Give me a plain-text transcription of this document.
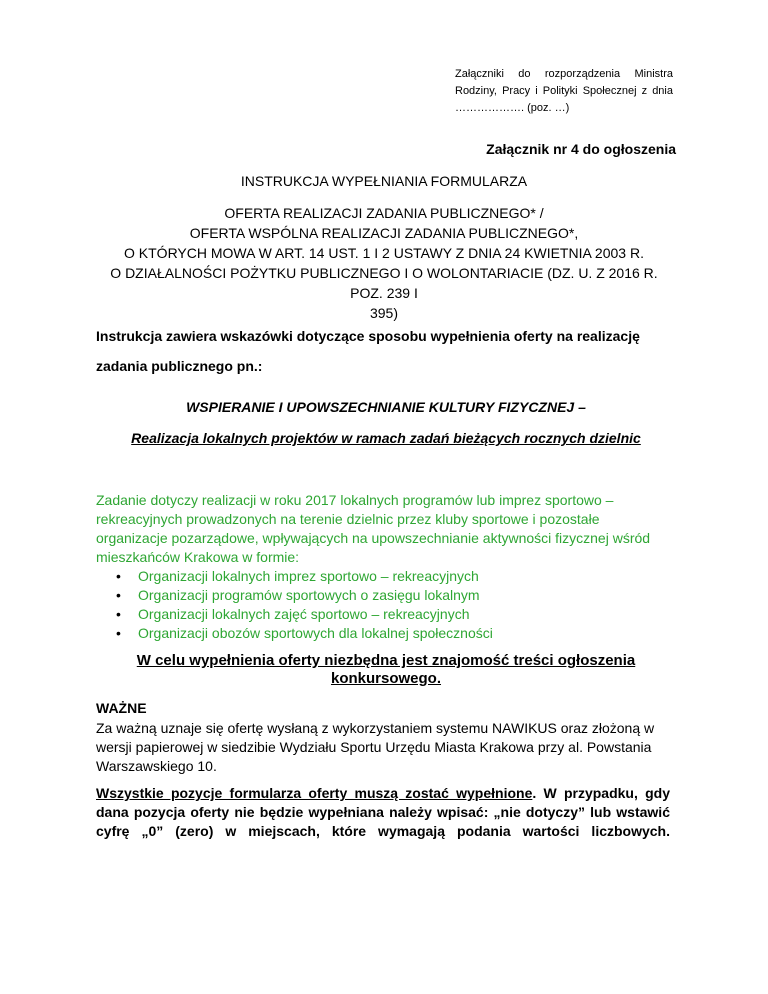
Załączniki do rozporządzenia Ministra Rodziny, Pracy i Polityki Społecznej z dnia ………………. (poz. …)
Załącznik nr 4 do ogłoszenia
INSTRUKCJA WYPEŁNIANIA FORMULARZA
OFERTA REALIZACJI ZADANIA PUBLICZNEGO* /
OFERTA WSPÓLNA REALIZACJI ZADANIA PUBLICZNEGO*,
O KTÓRYCH MOWA W ART. 14 UST. 1 I 2 USTAWY Z DNIA 24 KWIETNIA 2003 R.
O DZIAŁALNOŚCI POŻYTKU PUBLICZNEGO I O WOLONTARIACIE (DZ. U. Z 2016 R. POZ. 239 I
395)
Instrukcja zawiera wskazówki dotyczące sposobu wypełnienia oferty na realizację zadania publicznego pn.:
WSPIERANIE I UPOWSZECHNIANIE KULTURY FIZYCZNEJ –
Realizacja lokalnych projektów w ramach zadań bieżących rocznych dzielnic
Zadanie dotyczy realizacji w roku 2017 lokalnych programów lub imprez sportowo – rekreacyjnych prowadzonych na terenie dzielnic przez kluby sportowe i pozostałe organizacje pozarządowe, wpływających na upowszechnianie aktywności fizycznej wśród mieszkańców Krakowa w formie:
• Organizacji lokalnych imprez sportowo – rekreacyjnych
• Organizacji programów sportowych o zasięgu lokalnym
• Organizacji lokalnych zajęć sportowo – rekreacyjnych
• Organizacji obozów sportowych dla lokalnej społeczności
W celu wypełnienia oferty niezbędna jest znajomość treści ogłoszenia
konkursowego.
WAŻNE
Za ważną uznaje się ofertę wysłaną z wykorzystaniem systemu NAWIKUS oraz złożoną w wersji papierowej w siedzibie Wydziału Sportu Urzędu Miasta Krakowa przy al. Powstania Warszawskiego 10.
Wszystkie pozycje formularza oferty muszą zostać wypełnione. W przypadku, gdy dana pozycja oferty nie będzie wypełniana należy wpisać: „nie dotyczy” lub wstawić cyfrę „0” (zero) w miejscach, które wymagają podania wartości liczbowych.
